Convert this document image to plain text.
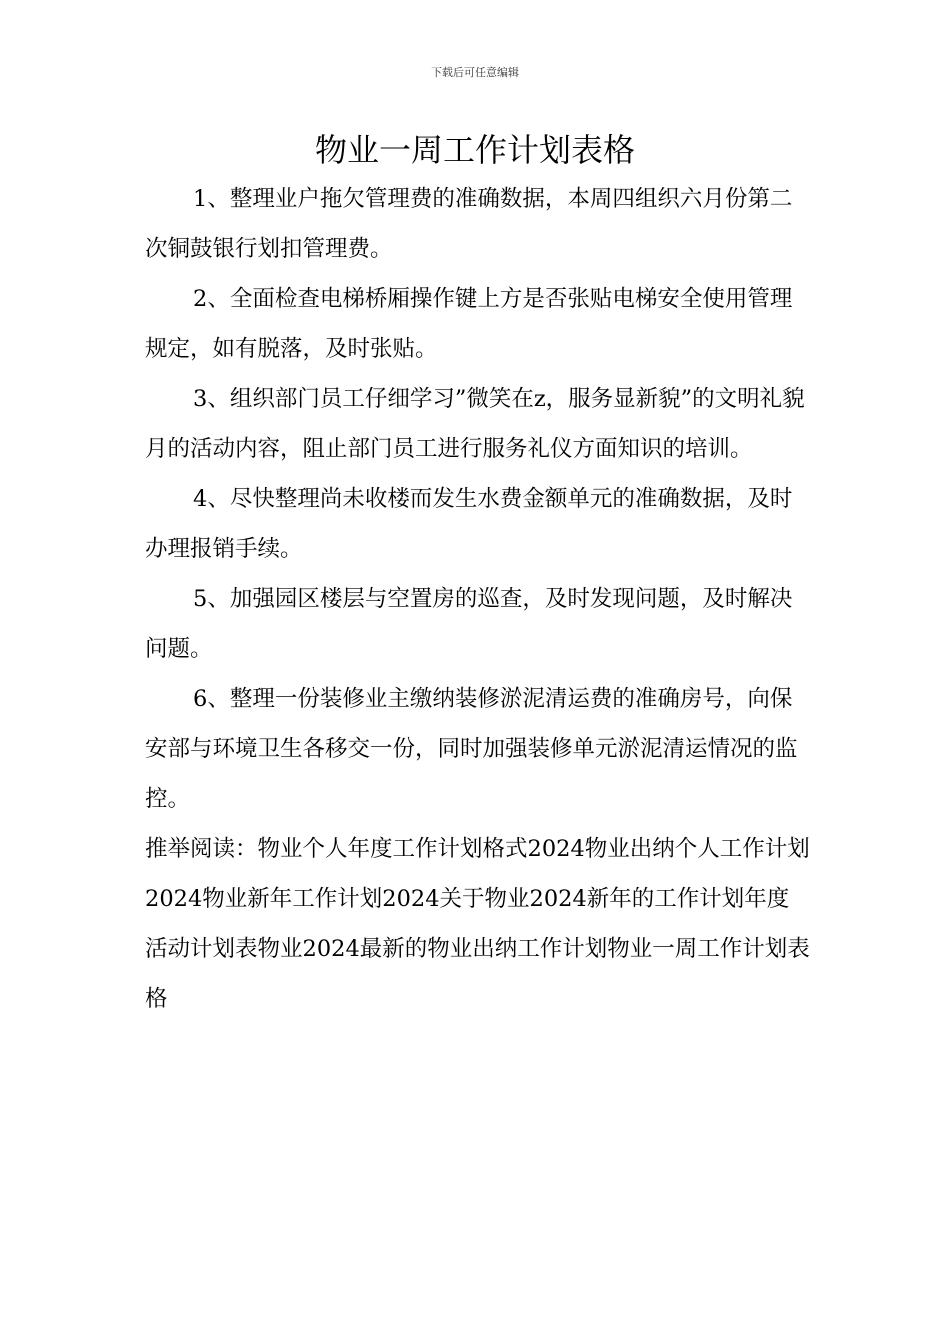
下载后可任意编辑
物业一周工作计划表格

1、整理业户拖欠管理费的准确数据，本周四组织六月份第二次铜鼓银行划扣管理费。

2、全面检查电梯桥厢操作键上方是否张贴电梯安全使用管理规定，如有脱落，及时张贴。

3、组织部门员工仔细学习”微笑在z，服务显新貌”的文明礼貌月的活动内容，阻止部门员工进行服务礼仪方面知识的培训。

4、尽快整理尚未收楼而发生水费金额单元的准确数据，及时办理报销手续。

5、加强园区楼层与空置房的巡查，及时发现问题，及时解决问题。

6、整理一份装修业主缴纳装修淤泥清运费的准确房号，向保安部与环境卫生各移交一份，同时加强装修单元淤泥清运情况的监控。

推举阅读：物业个人年度工作计划格式2024物业出纳个人工作计划2024物业新年工作计划2024关于物业2024新年的工作计划年度活动计划表物业2024最新的物业出纳工作计划物业一周工作计划表格
